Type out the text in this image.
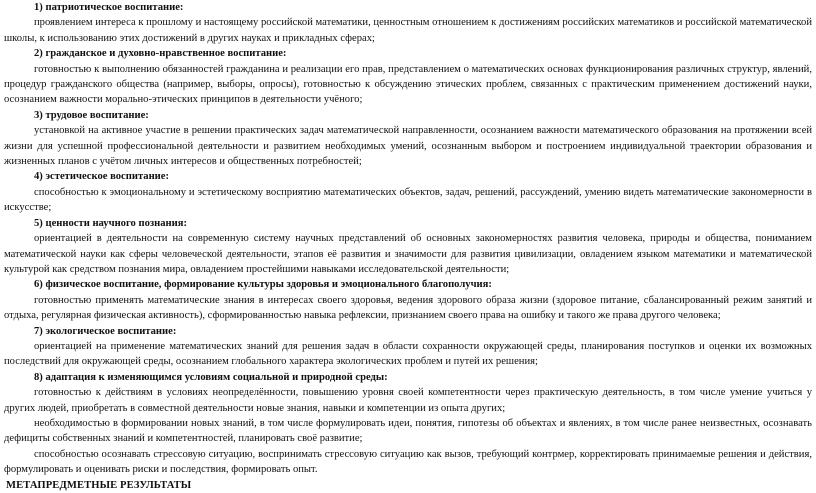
1) патриотическое воспитание:

проявлением интереса к прошлому и настоящему российской математики, ценностным отношением к достижениям российских математиков и российской математической школы, к использованию этих достижений в других науках и прикладных сферах;

2) гражданское и духовно-нравственное воспитание:

готовностью к выполнению обязанностей гражданина и реализации его прав, представлением о математических основах функционирования различных структур, явлений, процедур гражданского общества (например, выборы, опросы), готовностью к обсуждению этических проблем, связанных с практическим применением достижений науки, осознанием важности морально-этических принципов в деятельности учёного;

3) трудовое воспитание:

установкой на активное участие в решении практических задач математической направленности, осознанием важности математического образования на протяжении всей жизни для успешной профессиональной деятельности и развитием необходимых умений, осознанным выбором и построением индивидуальной траектории образования и жизненных планов с учётом личных интересов и общественных потребностей;

4) эстетическое воспитание:

способностью к эмоциональному и эстетическому восприятию математических объектов, задач, решений, рассуждений, умению видеть математические закономерности в искусстве;

5) ценности научного познания:

ориентацией в деятельности на современную систему научных представлений об основных закономерностях развития человека, природы и общества, пониманием математической науки как сферы человеческой деятельности, этапов её развития и значимости для развития цивилизации, овладением языком математики и математической культурой как средством познания мира, овладением простейшими навыками исследовательской деятельности;

6) физическое воспитание, формирование культуры здоровья и эмоционального благополучия:

готовностью применять математические знания в интересах своего здоровья, ведения здорового образа жизни (здоровое питание, сбалансированный режим занятий и отдыха, регулярная физическая активность), сформированностью навыка рефлексии, признанием своего права на ошибку и такого же права другого человека;

7) экологическое воспитание:

ориентацией на применение математических знаний для решения задач в области сохранности окружающей среды, планирования поступков и оценки их возможных последствий для окружающей среды, осознанием глобального характера экологических проблем и путей их решения;

8) адаптация к изменяющимся условиям социальной и природной среды:

готовностью к действиям в условиях неопределённости, повышению уровня своей компетентности через практическую деятельность, в том числе умение учиться у других людей, приобретать в совместной деятельности новые знания, навыки и компетенции из опыта других;

необходимостью в формировании новых знаний, в том числе формулировать идеи, понятия, гипотезы об объектах и явлениях, в том числе ранее неизвестных, осознавать дефициты собственных знаний и компетентностей, планировать своё развитие;

способностью осознавать стрессовую ситуацию, воспринимать стрессовую ситуацию как вызов, требующий контрмер, корректировать принимаемые решения и действия, формулировать и оценивать риски и последствия, формировать опыт.

МЕТАПРЕДМЕТНЫЕ РЕЗУЛЬТАТЫ
